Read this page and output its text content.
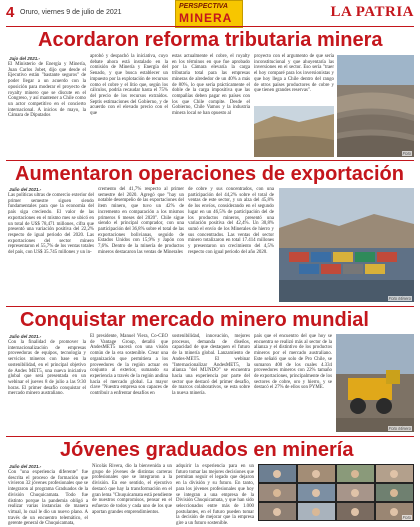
4 Oruro, viernes 9 de julio de 2021
PERSPECTIVA
MINERA	LA PATRIA
Acordaron reforma tributaria minera
Jujo del 2021.-
El Ministerio de Energía y Minería, Juan Carlos Jobet, dijo que desde el Ejecutivo están "bastante seguros" de poder llegar a un acuerdo con la oposición para moderar el proyecto de royalty minero que se discute en el Congreso, y así mantener a Chile como un actor competitivo en el concierto internacional. A inicios de mayo, la Cámara de Diputados
aprobó y despachó la iniciativa, cuyo debate ahora está instalado en la comisión de Minería y Energía del Senado, y que busca establecer un impuesto por la explotación de recursos como el cobre y el litio que, según los cálculos, podría recaudar hasta el 75% del precio de los recursos extraídos. Septis estimaciones del Gobierno, y de acuerdo con el elevado precio con el que
estas actualmente el cobre, el royalty en los términos en que fue aprobado por la Cámara elevaría la carga tributaria total para las empresas mineras de alrededor de un 40% a más de 80%, lo que sería prácticamente el doble de la carga impositiva que las compañías deben pagar en países con los que Chile compite. Desde el Gobierno, Chile Vamos y la industria minera local se han opuesto al
proyecto con el argumento de que sería inconstitucional y que ahuyentaría las inversiones en el sector. Eso sería "traer el hoy comparé para los inversionistas y que hoy llega a Chile dentro del rango de otros países productores de cobre y que tienen grandes reservas".
Foto
Aumentaron operaciones de exportación
Julio del 2021.-
Las políticas ultras de comercio exterior del primer semestre siguen siendo fundamentales para que la economía del país siga creciendo. El valor de las exportaciones en el mismo mes se ubicó en un total de US$ 78,471 millones, cifra que presentó una variación positiva del 22,2% respecto de igual periodo del 2020. Las exportaciones del sector minero representaron el 55,7% de los ventas totales del país, con US$ 35.745 millones y un in-
cremento del 41,7% respecto al primer semestre del 2020. Agregó que "hay un notable desempeño de las exportaciones del ítem minero, que tuvo un 42% de incremento en comparación a los mismos primeros 6 meses del 2020". Chile sigue siendo el principal comprador, con una participación del 36,8% sobre el total de las exportaciones bolivianas, seguido de Estados Unidos con 15,9% y Japón con 7,6%. Dentro de la minería de productos mineros destacaron las ventas de Minerales
de cobre y sus concentrados, con una participación del 44,2% sobre el total de ventas de este sector, y un alza del 45,8% de los envíos, considerando en el segundo lugar en un 46,5% de participación del de los productos mineros, presentó una variación positiva del 42,4%. Un 30,8% sumó el envío de los Minerales de hierro y sus concentrados. Las ventas del sector minero totalizaron en total 17.414 millones y presentaron un crecimiento del 4,5% respecto con igual periodo del año 2020.
Foto Minero
Conquistar mercado minero mundial
Julio del 2021.-
Con la finalidad de promover la internacionalización de empresas proveedoras de equipos, tecnología y servicios mineros con base en la sostenibilidad, en el principal objetivo de Andes MET5, una nueva iniciativa global que será presentada en un webinar el jueves 8 de julio a las 9:30 horas. El primer desafío conquistar el mercado minero australiano.
El presidente, Manuel Viera, Co-CEO de Vantage Group, detalló que AndesMET5 nacerá con una visión común de la era sostenible. Crear una organización que permitiera a los proveedores de la región actuar en conjunto al exterior, sumando su experiencia a través de la región andina hacia el mercado global. La mayor clave "Nuestra empresa son capaces de contribuir a enfrentar desafíos en
sostenibilidad, innovación, mejores procesos, demanda de diseños, capacidad de que destaquen el futuro de la minería global. Lanzamiento de Andes-MET5. El webinar "Internacionalizar AndesMET5, la alianza "del MUNDO" se encuentra hacia una experiencia por parte del sector que destacó del primer desafío, de marcos colaborativos, se esta sobre la nueva minería.
país que el encuentro del que hoy se encuentra se realizó más al sector de la alianza y el distintivo de los productos mineros por el mercado australiano. Este señaló que solo de Pro Chile, se sumaron 400 de los cuales 4.334 proveedores mineros con 22% tamaño de exportaciones, principalmente de los sectores de cobre, oro y hierro, y se destacó el 27% de ellos son PYME.
Foto Minero
Jóvenes graduados en minería
Julio del 2021.-
Con "una experiencia diferente" fue descrita el proceso de formación que vivieron 32 jóvenes profesionales que se integraron al programa Graduados de la división Chuquicamata. Todo fue distinto porque la pandemia obligó a realizar varias instancias de manera virtual, lo cual le dio un nuevo plano. A través de un encuentro telemático, el gerente general de Chuquicamata,
Nicolás Rivera, dio la bienvenida a un grupo de jóvenes de distintas carreras profesionales que se integraron a la división. En ese sentido, el ejecutivo destacó que hay la transformación en el gran lema "Chuquicamata está pendiente de nuestros compromisos, pensar en el esfuerzo de todos y cada uno de los que aportan grandes emprendimientos.
adquirir la experiencia para en un futuro tomar las mejores decisiones que permitan seguir el legado que dejaron en la división y su futuro. En tanto, para los jóvenes profesionales que hoy se integran a una empresa de la División Chuquicamata, y que han sido seleccionados entre más de 1.000 postulantes, en el futuro pueden tomar la decisión de mejorar que la empresa gire a un futuro sostenible.
Foto
